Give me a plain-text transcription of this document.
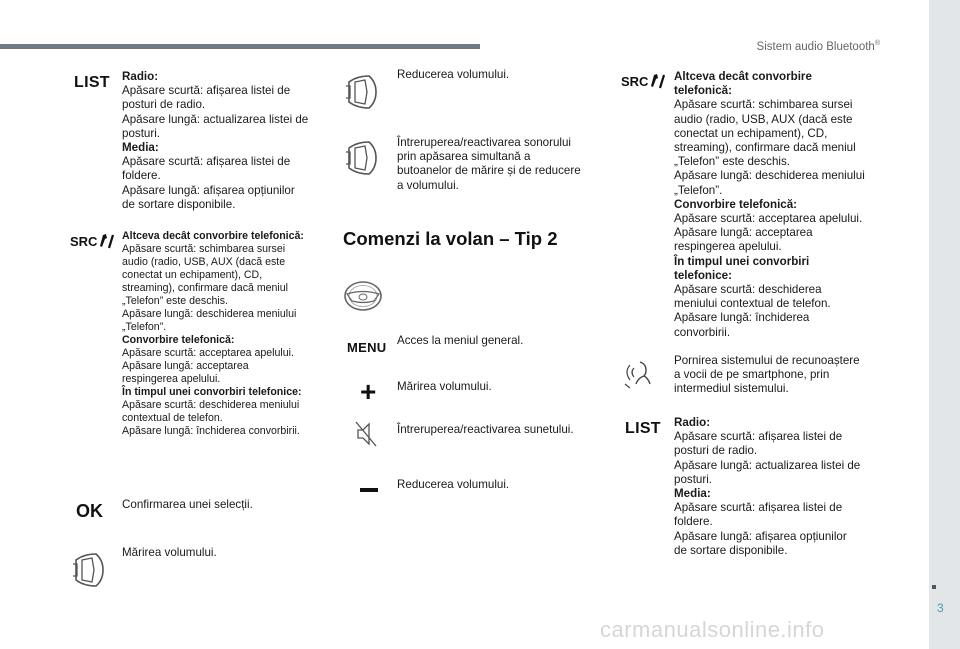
Sistem audio Bluetooth®
LIST Radio:
Apăsare scurtă: afișarea listei de
posturi de radio.
Apăsare lungă: actualizarea listei de
posturi.
Media:
Apăsare scurtă: afișarea listei de
foldere.
Apăsare lungă: afișarea opțiunilor
de sortare disponibile.
SRC Altceva decât convorbire telefonică:
Apăsare scurtă: schimbarea sursei
audio (radio, USB, AUX (dacă este
conectat un echipament), CD,
streaming), confirmare dacă meniul
„Telefon” este deschis.
Apăsare lungă: deschiderea meniului
„Telefon”.
Convorbire telefonică:
Apăsare scurtă: acceptarea apelului.
Apăsare lungă: acceptarea
respingerea apelului.
În timpul unei convorbiri telefonice:
Apăsare scurtă: deschiderea meniului
contextual de telefon.
Apăsare lungă: închiderea convorbirii.
OK Confirmarea unei selecții.
Mărirea volumului.
Reducerea volumului.
Întreruperea/reactivarea sonorului
prin apăsarea simultană a
butoanelor de mărire și de reducere
a volumului.
Comenzi la volan – Tip 2
MENU Acces la meniul general.
+ Mărirea volumului.
Întreruperea/reactivarea sunetului.
Reducerea volumului.
SRC Altceva decât convorbire
telefonică:
Apăsare scurtă: schimbarea sursei
audio (radio, USB, AUX (dacă este
conectat un echipament), CD,
streaming), confirmare dacă meniul
„Telefon” este deschis.
Apăsare lungă: deschiderea meniului
„Telefon”.
Convorbire telefonică:
Apăsare scurtă: acceptarea apelului.
Apăsare lungă: acceptarea
respingerea apelului.
În timpul unei convorbiri
telefonice:
Apăsare scurtă: deschiderea
meniului contextual de telefon.
Apăsare lungă: închiderea
convorbirii.
Pornirea sistemului de recunoaștere
a vocii de pe smartphone, prin
intermediul sistemului.
LIST Radio:
Apăsare scurtă: afișarea listei de
posturi de radio.
Apăsare lungă: actualizarea listei de
posturi.
Media:
Apăsare scurtă: afișarea listei de
foldere.
Apăsare lungă: afișarea opțiunilor
de sortare disponibile.
3
carmanualsonline.info
